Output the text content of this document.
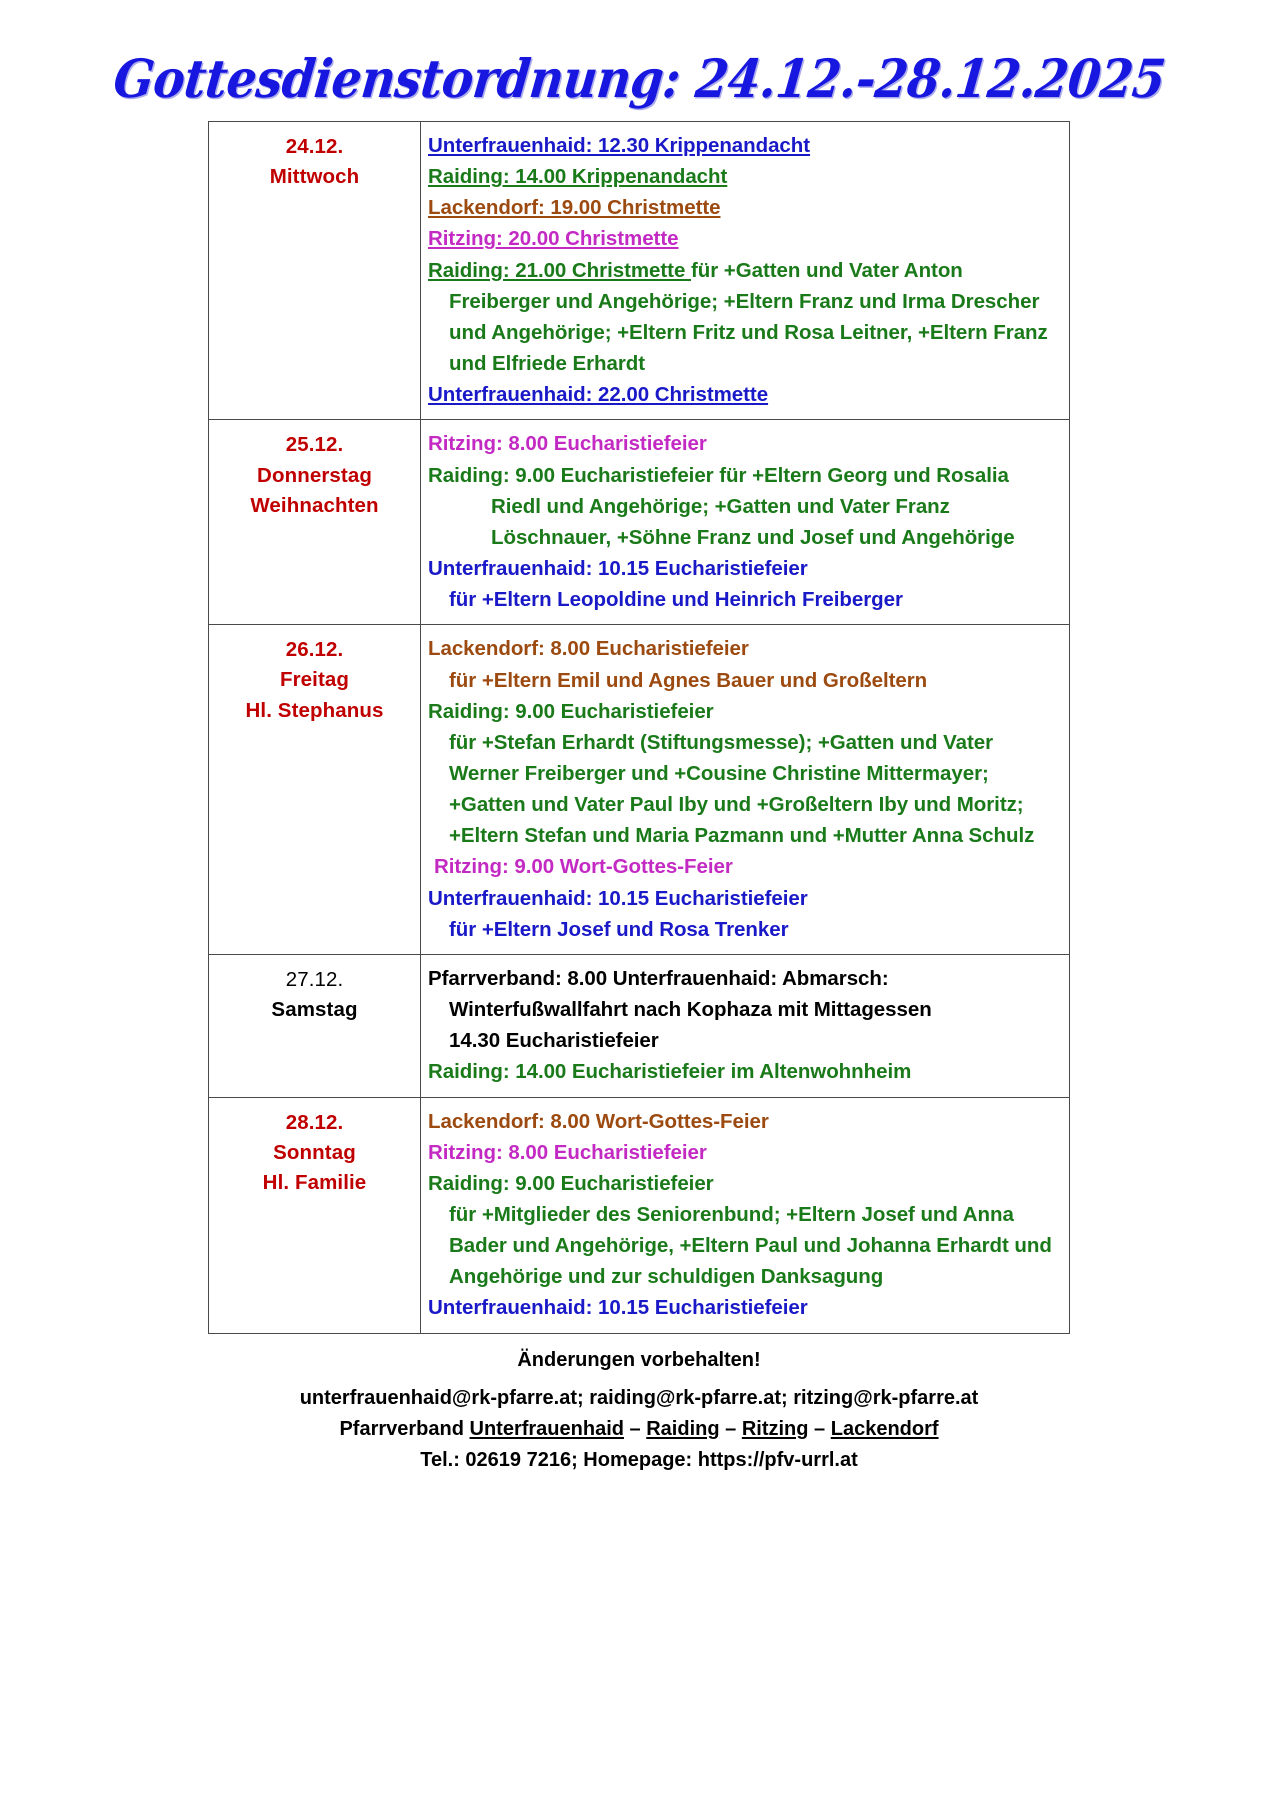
Gottesdienstordnung: 24.12.-28.12.2025
24.12.
Mittwoch

Unterfrauenhaid: 12.30 Krippenandacht
Raiding: 14.00 Krippenandacht
Lackendorf: 19.00 Christmette
Ritzing: 20.00 Christmette
Raiding: 21.00 Christmette für +Gatten und Vater Anton
Freiberger und Angehörige; +Eltern Franz und Irma Drescher
und Angehörige; +Eltern Fritz und Rosa Leitner, +Eltern Franz
und Elfriede Erhardt
Unterfrauenhaid: 22.00 Christmette

25.12.
Donnerstag
Weihnachten

Ritzing: 8.00 Eucharistiefeier
Raiding: 9.00 Eucharistiefeier für +Eltern Georg und Rosalia
Riedl und Angehörige; +Gatten und Vater Franz
Löschnauer, +Söhne Franz und Josef und Angehörige
Unterfrauenhaid: 10.15 Eucharistiefeier
für +Eltern Leopoldine und Heinrich Freiberger

26.12.
Freitag
Hl. Stephanus

Lackendorf: 8.00 Eucharistiefeier
für +Eltern Emil und Agnes Bauer und Großeltern
Raiding: 9.00 Eucharistiefeier
für +Stefan Erhardt (Stiftungsmesse); +Gatten und Vater
Werner Freiberger und +Cousine Christine Mittermayer;
+Gatten und Vater Paul Iby und +Großeltern Iby und Moritz;
+Eltern Stefan und Maria Pazmann und +Mutter Anna Schulz
Ritzing: 9.00 Wort-Gottes-Feier
Unterfrauenhaid: 10.15 Eucharistiefeier
für +Eltern Josef und Rosa Trenker

27.12.
Samstag

Pfarrverband: 8.00 Unterfrauenhaid: Abmarsch:
Winterfußwallfahrt nach Kophaza mit Mittagessen
14.30 Eucharistiefeier
Raiding: 14.00 Eucharistiefeier im Altenwohnheim

28.12.
Sonntag
Hl. Familie

Lackendorf: 8.00 Wort-Gottes-Feier
Ritzing: 8.00 Eucharistiefeier
Raiding: 9.00 Eucharistiefeier
für +Mitglieder des Seniorenbund; +Eltern Josef und Anna
Bader und Angehörige, +Eltern Paul und Johanna Erhardt und
Angehörige und zur schuldigen Danksagung
Unterfrauenhaid: 10.15 Eucharistiefeier
Änderungen vorbehalten!
unterfrauenhaid@rk-pfarre.at; raiding@rk-pfarre.at; ritzing@rk-pfarre.at
Pfarrverband Unterfrauenhaid – Raiding – Ritzing – Lackendorf
Tel.: 02619 7216; Homepage: https://pfv-urrl.at
